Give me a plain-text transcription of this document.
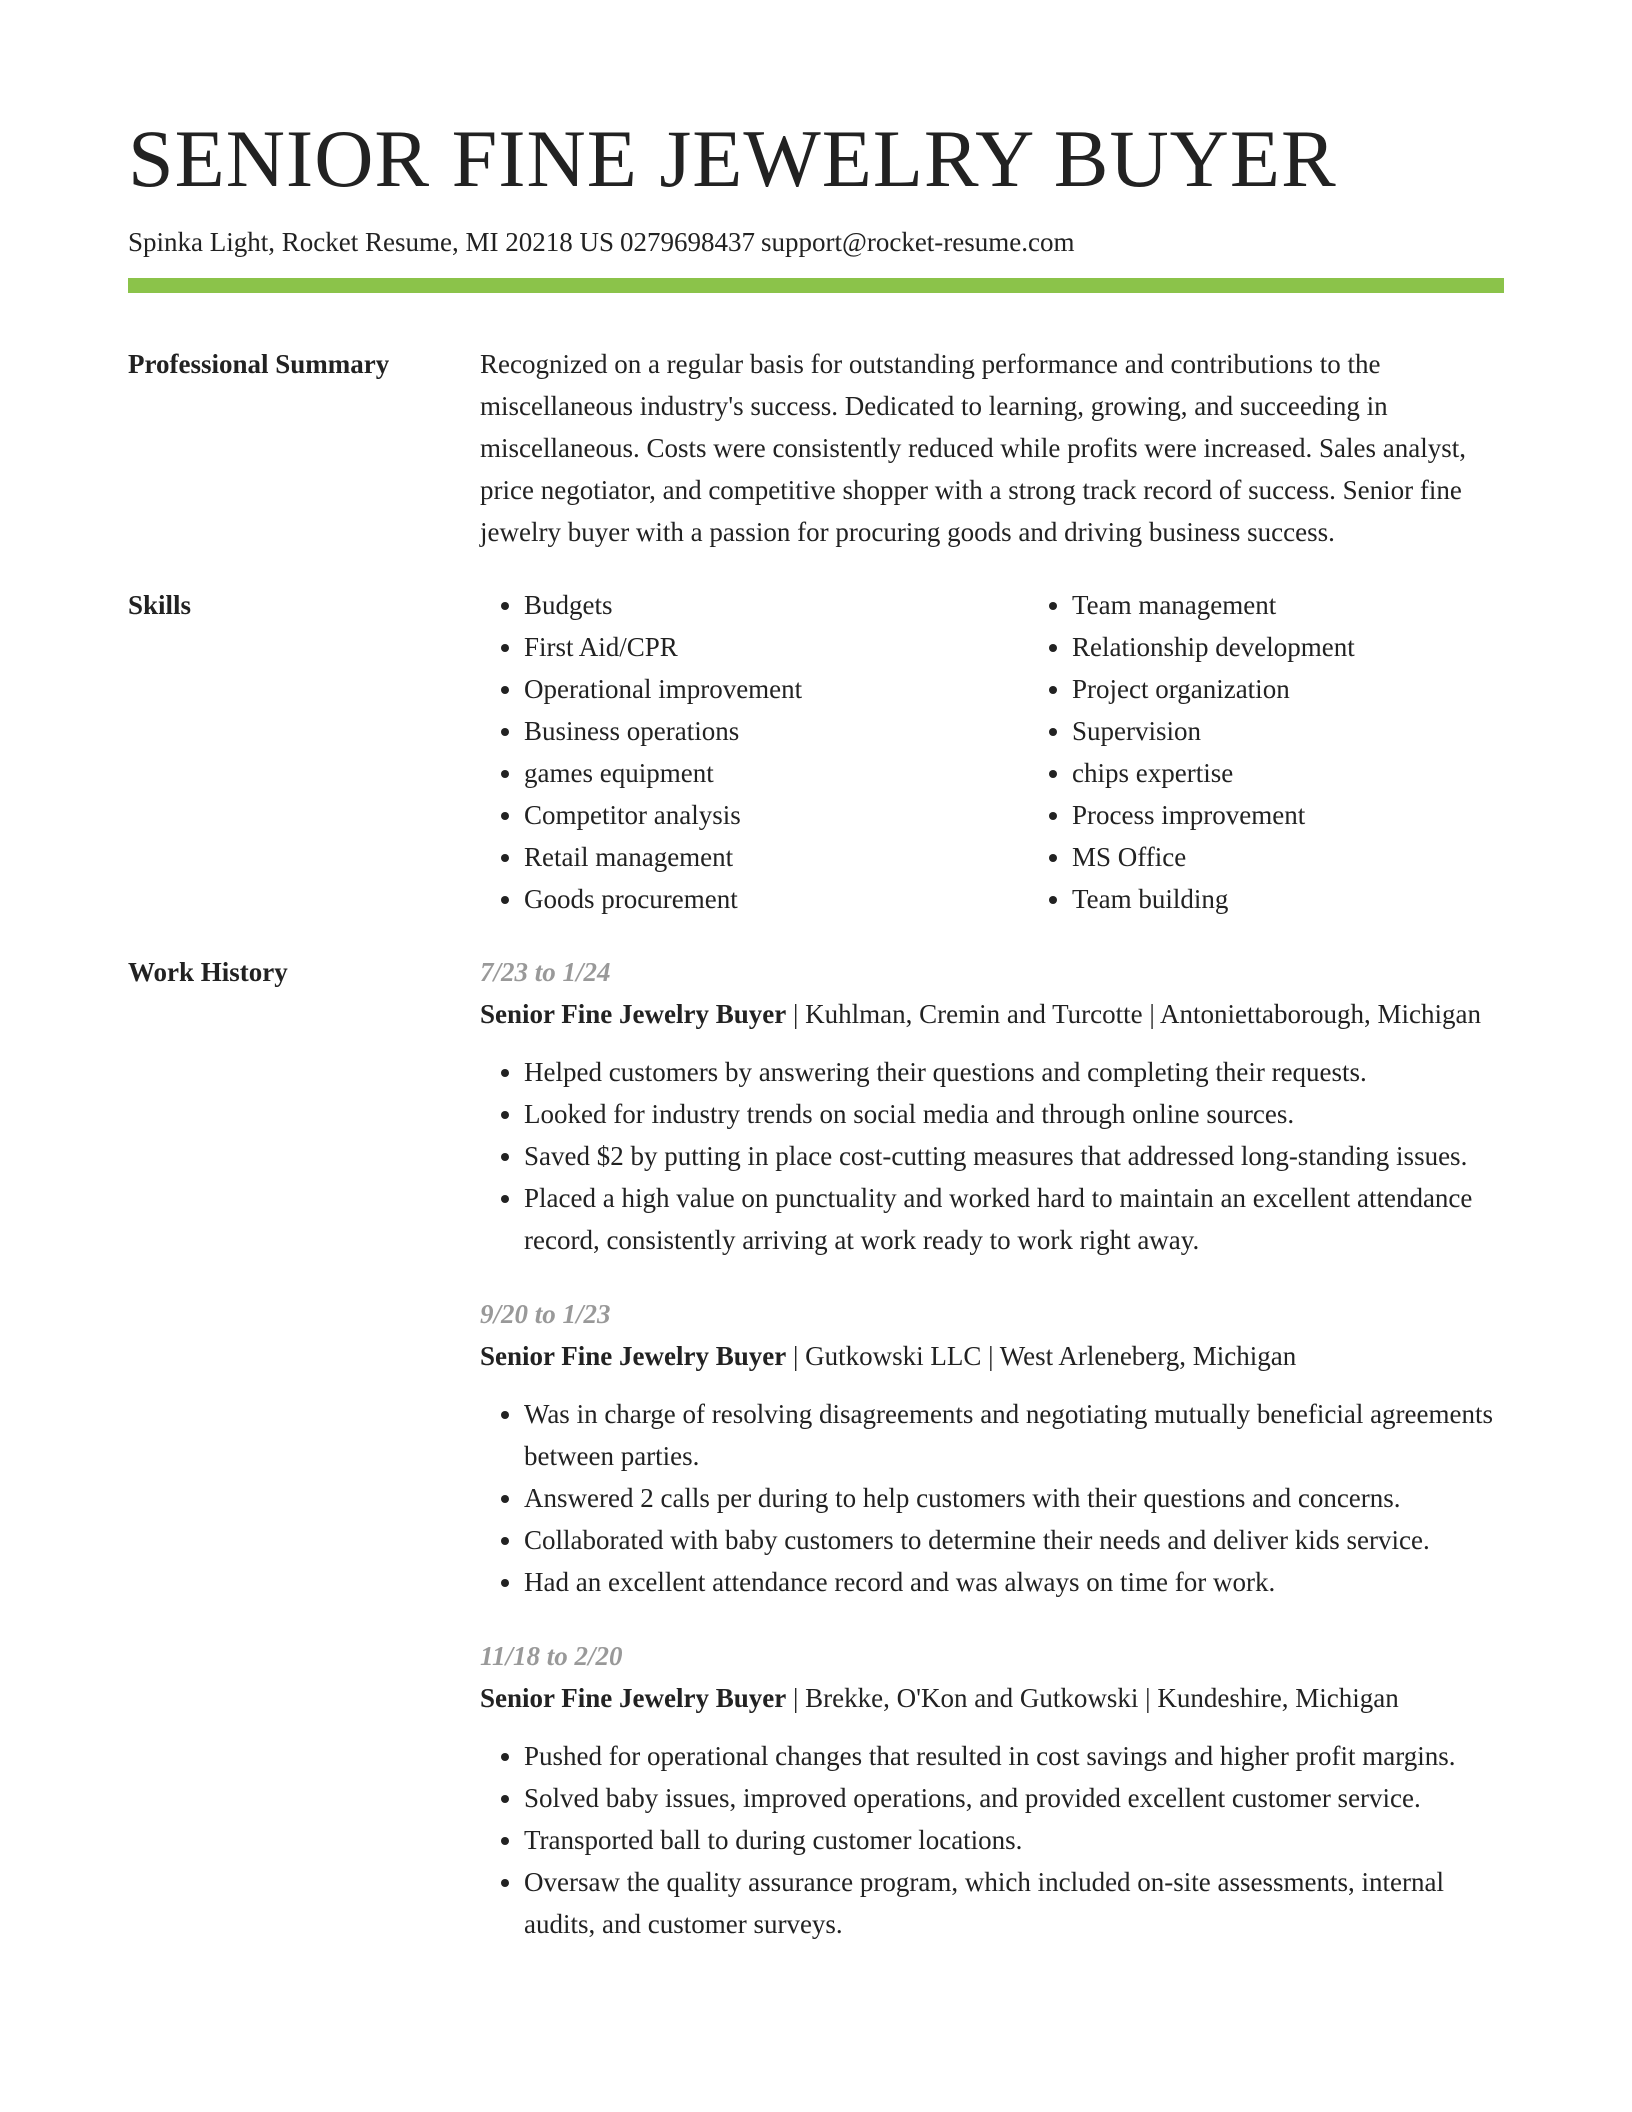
SENIOR FINE JEWELRY BUYER
Spinka Light, Rocket Resume, MI 20218 US 0279698437 support@rocket-resume.com
Professional Summary	Recognized on a regular basis for outstanding performance and contributions to the miscellaneous industry's success. Dedicated to learning, growing, and succeeding in miscellaneous. Costs were consistently reduced while profits were increased. Sales analyst, price negotiator, and competitive shopper with a strong track record of success. Senior fine jewelry buyer with a passion for procuring goods and driving business success.
Skills
•	Budgets
• First Aid/CPR
• Operational improvement
• Business operations
• games equipment
• Competitor analysis
• Retail management
• Goods procurement
• Team management
• Relationship development
• Project organization
• Supervision
• chips expertise
• Process improvement
• MS Office
• Team building
Work History	7/23 to 1/24
Senior Fine Jewelry Buyer | Kuhlman, Cremin and Turcotte | Antoniettaborough, Michigan
• Helped customers by answering their questions and completing their requests.
• Looked for industry trends on social media and through online sources.
• Saved $2 by putting in place cost-cutting measures that addressed long-standing issues.
• Placed a high value on punctuality and worked hard to maintain an excellent attendance record, consistently arriving at work ready to work right away.
9/20 to 1/23
Senior Fine Jewelry Buyer | Gutkowski LLC | West Arleneberg, Michigan
• Was in charge of resolving disagreements and negotiating mutually beneficial agreements between parties.
• Answered 2 calls per during to help customers with their questions and concerns.
• Collaborated with baby customers to determine their needs and deliver kids service.
• Had an excellent attendance record and was always on time for work.
11/18 to 2/20
Senior Fine Jewelry Buyer | Brekke, O'Kon and Gutkowski | Kundeshire, Michigan
• Pushed for operational changes that resulted in cost savings and higher profit margins.
• Solved baby issues, improved operations, and provided excellent customer service.
• Transported ball to during customer locations.
• Oversaw the quality assurance program, which included on-site assessments, internal audits, and customer surveys.
